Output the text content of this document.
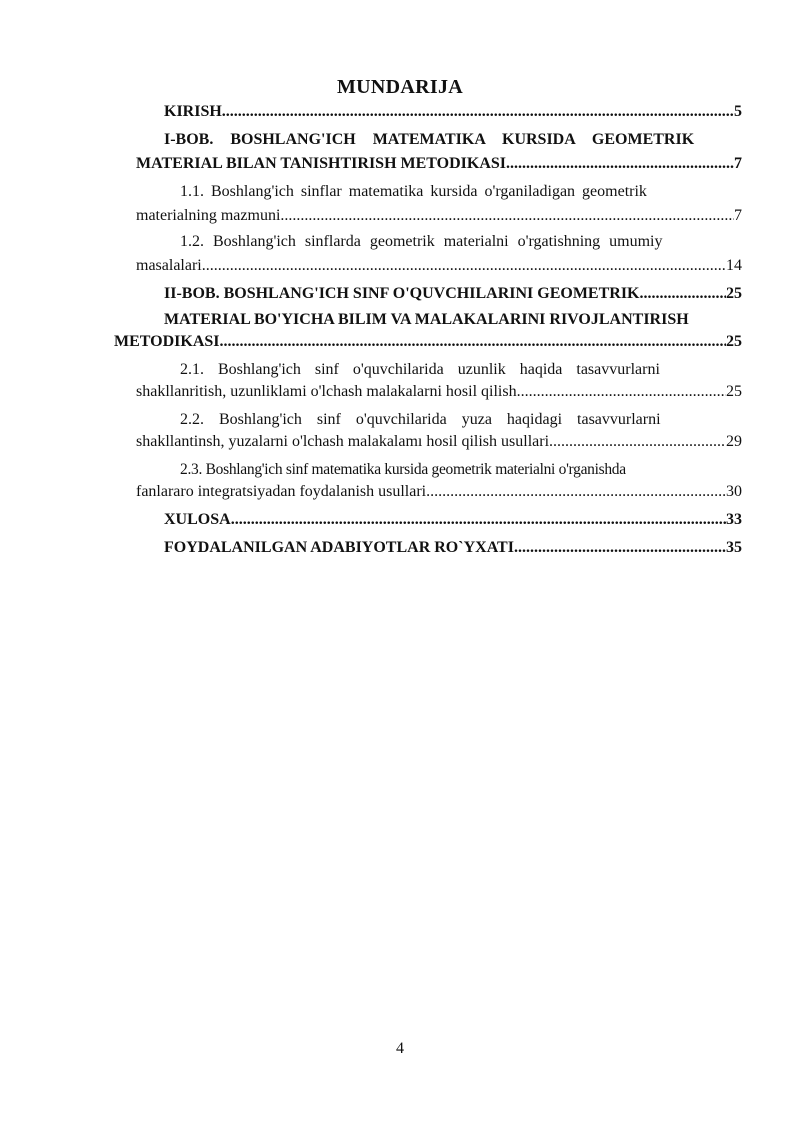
MUNDARIJA
KIRISH .....	5
I-BOB. BOSHLANG'ICH MATEMATIKA KURSIDA GEOMETRIK
MATERIAL BILAN TANISHTIRISH METODIKASI .....	7
1.1. Boshlang'ich sinflar matematika kursida o'rganiladigan geometrik
materialning mazmuni .....	7
1.2. Boshlang'ich sinflarda geometrik materialni o'rgatishning umumiy
masalalari .....	14
II-BOB. BOSHLANG'ICH SINF O'QUVCHILARINI GEOMETRIK .....	25
MATERIAL BO'YICHA BILIM VA MALAKALARINI RIVOJLANTIRISH
METODIKASI .....	25
2.1. Boshlang'ich sinf o'quvchilarida uzunlik haqida tasavvurlarni
shakllanritish, uzunliklami o'lchash malakalarni hosil qilish .....	25
2.2. Boshlang'ich sinf o'quvchilarida yuza haqidagi tasavvurlarni
shakllantinsh, yuzalarni o'lchash malakalamı hosil qilish usullari .....	29
2.3. Boshlang'ich sinf matematika kursida geometrik materialni o'rganishda
fanlararo integratsiyadan foydalanish usullari .....	30
XULOSA .....	33
FOYDALANILGAN ADABIYOTLAR RO`YXATI .....	35
4
